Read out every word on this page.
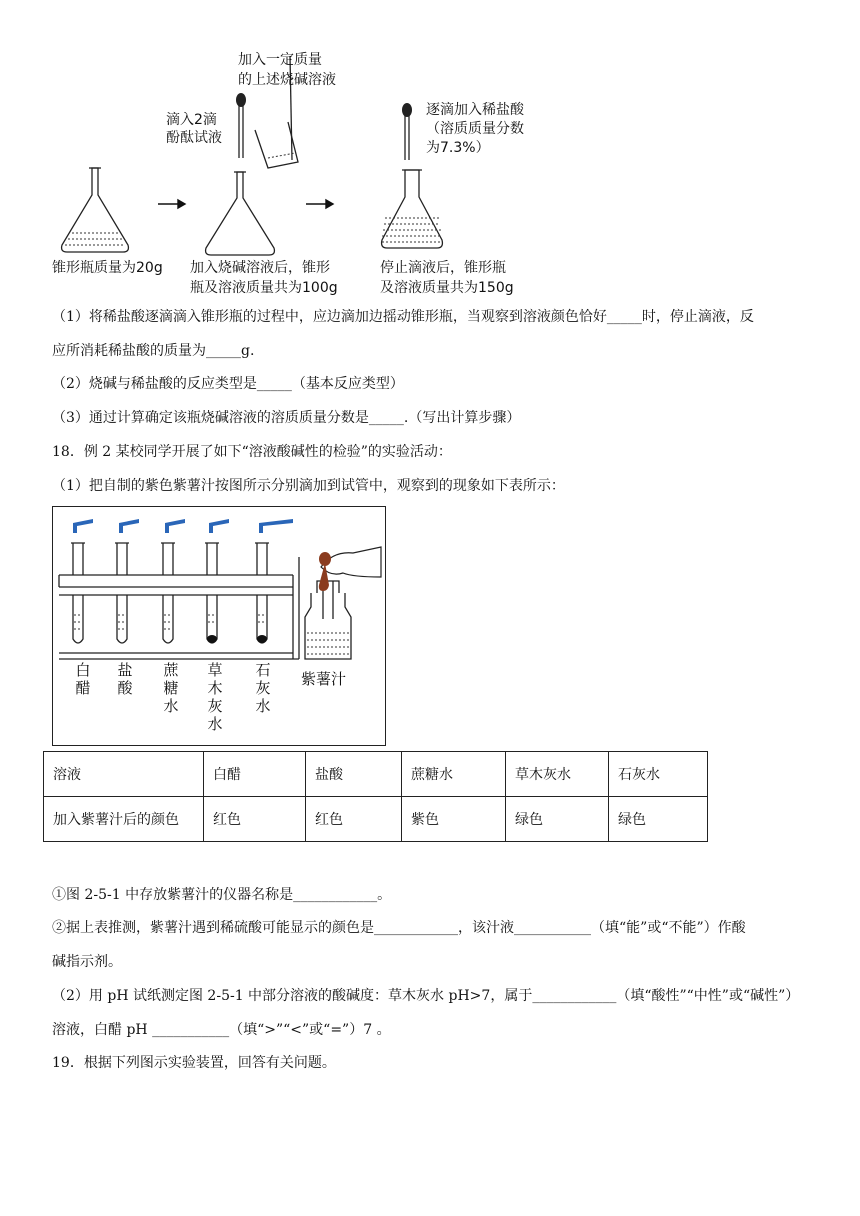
加入一定质量
的上述烧碱溶液
滴入2滴
酚酞试液
逐滴加入稀盐酸
（溶质质量分数
为7.3%）
锥形瓶质量为20g 加入烧碱溶液后，锥形
瓶及溶液质量共为100g
停止滴液后，锥形瓶
及溶液质量共为150g
（1）将稀盐酸逐滴滴入锥形瓶的过程中，应边滴加边摇动锥形瓶，当观察到溶液颜色恰好_____时，停止滴液，反
应所消耗稀盐酸的质量为_____g.
（2）烧碱与稀盐酸的反应类型是_____（基本反应类型）
（3）通过计算确定该瓶烧碱溶液的溶质质量分数是_____.（写出计算步骤）
18．例 2 某校同学开展了如下“溶液酸碱性的检验”的实验活动：
（1）把自制的紫色紫薯汁按图所示分别滴加到试管中，观察到的现象如下表所示：
白
醋
盐
酸
蔗
糖
水
草
木
灰
水
石
灰
水
紫薯汁
溶液	白醋	盐酸	蔗糖水	草木灰水	石灰水
加入紫薯汁后的颜色	红色	红色	紫色	绿色	绿色
①图 2-5-1 中存放紫薯汁的仪器名称是____________。
②据上表推测，紫薯汁遇到稀硫酸可能显示的颜色是____________，该汁液___________（填“能”或“不能”）作酸
碱指示剂。
（2）用 pH 试纸测定图 2-5-1 中部分溶液的酸碱度：草木灰水 pH>7，属于____________（填“酸性”“中性”或“碱性”）
溶液，白醋 pH ___________（填“>”“<”或“=”）7 。
19．根据下列图示实验装置，回答有关问题。
